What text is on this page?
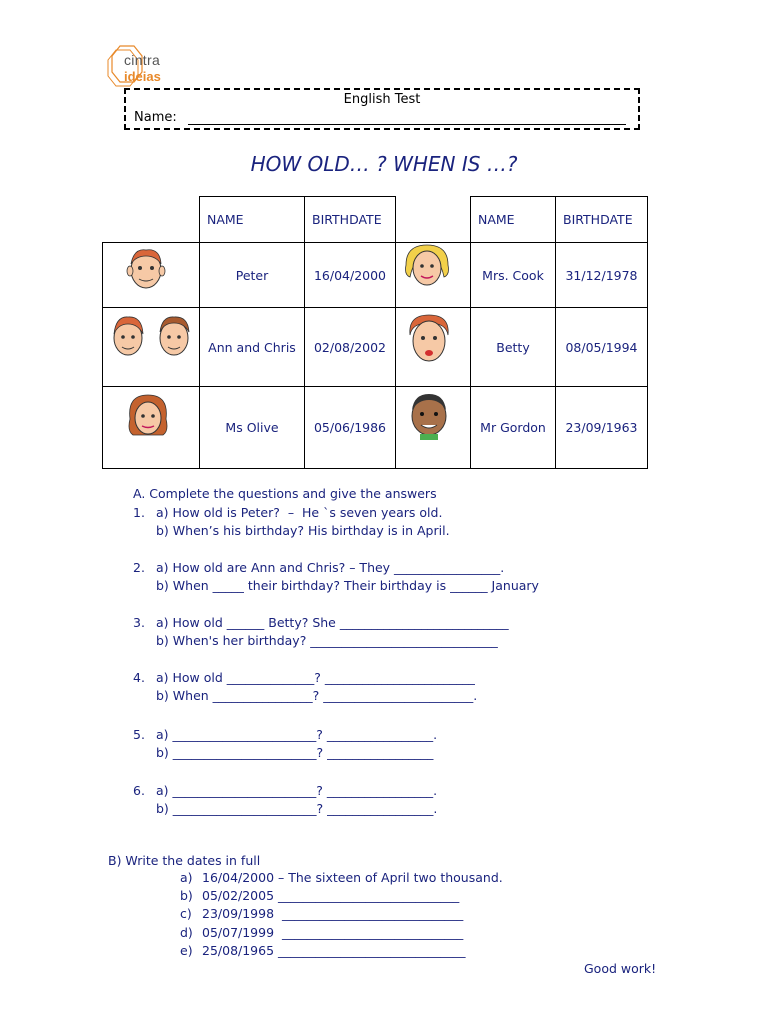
cintra
ideias
English Test
Name:
HOW OLD… ? WHEN IS …?
NAME	BIRTHDATE	NAME	BIRTHDATE
Peter	16/04/2000	Mrs. Cook	31/12/1978
Ann and Chris	02/08/2002	Betty	08/05/1994
Ms Olive	05/06/1986	Mr Gordon	23/09/1963
A. Complete the questions and give the answers
1. a) How old is Peter?  –  He `s seven years old.
b) When’s his birthday? His birthday is in April.
2. a) How old are Ann and Chris? – They _________________.
b) When _____ their birthday? Their birthday is ______ January
3. a) How old ______ Betty? She ___________________________
b) When's her birthday? ______________________________
4. a) How old ______________? ________________________
b) When ________________? ________________________.
5. a) _______________________? _________________.
b) _______________________? _________________
6. a) _______________________? _________________.
b) _______________________? _________________.
B) Write the dates in full
a) 16/04/2000 – The sixteen of April two thousand.
b) 05/02/2005 _____________________________
c) 23/09/1998  _____________________________
d) 05/07/1999  _____________________________
e) 25/08/1965 ______________________________
Good work!
